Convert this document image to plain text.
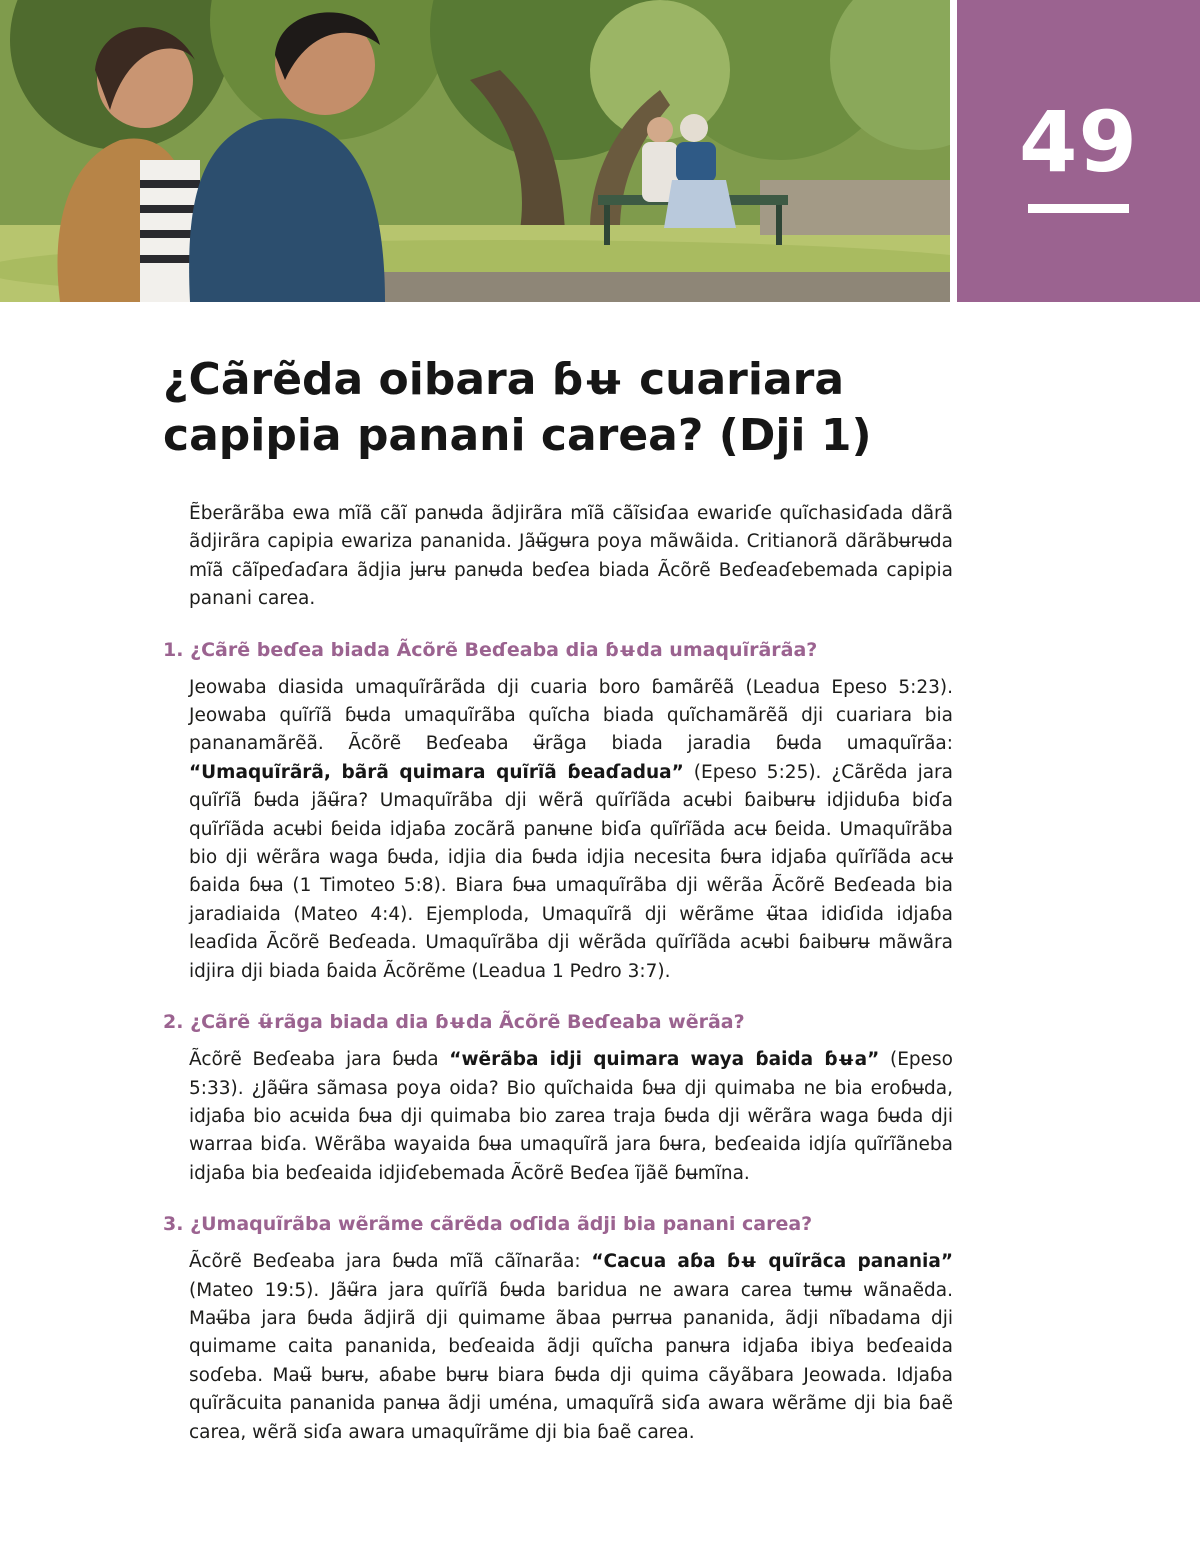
49
¿Cãrẽda oibara ɓʉ cuariara
capipia panani carea? (Dji 1)

Ẽberãrãba ewa mĩã cãĩ panʉda ãdjirãra mĩã cãĩsiɗaa ewariɗe quĩchasiɗada dãrã ãdjirãra capipia ewariza pananida. Jãʉ̃gʉra poya mãwãida. Critianorã dãrãbʉrʉda mĩã cãĩpeɗaɗara ãdjia jʉrʉ panʉda beɗea biada Ãcõrẽ Beɗeaɗebemada capipia panani carea.

1. ¿Cãrẽ beɗea biada Ãcõrẽ Beɗeaba dia ɓʉda umaquĩrãrãa?

Jeowaba diasida umaquĩrãrãda dji cuaria boro ɓamãrẽã (Leadua Epeso 5:23). Jeowaba quĩrĩã ɓʉda umaquĩrãba quĩcha biada quĩchamãrẽã dji cuariara bia pananamãrẽã. Ãcõrẽ Beɗeaba ʉ̃rãga biada jaradia ɓʉda umaquĩrãa: “Umaquĩrãrã, bãrã quimara quĩrĩã ɓeaɗadua” (Epeso 5:25). ¿Cãrẽda jara quĩrĩã ɓʉda jãʉ̃ra? Umaquĩrãba dji wẽrã quĩrĩãda acʉbi ɓaibʉrʉ idjiduɓa biɗa quĩrĩãda acʉbi ɓeida idjaɓa zocãrã panʉne biɗa quĩrĩãda acʉ ɓeida. Umaquĩrãba bio dji wẽrãra waga ɓʉda, idjia dia ɓʉda idjia necesita ɓʉra idjaɓa quĩrĩãda acʉ ɓaida ɓʉa (1 Timoteo 5:8). Biara ɓʉa umaquĩrãba dji wẽrãa Ãcõrẽ Beɗeada bia jaradiaida (Mateo 4:4). Ejemploda, Umaquĩrã dji wẽrãme ʉ̃taa idiɗida idjaɓa leaɗida Ãcõrẽ Beɗeada. Umaquĩrãba dji wẽrãda quĩrĩãda acʉbi ɓaibʉrʉ mãwãra idjira dji biada ɓaida Ãcõrẽme (Leadua 1 Pedro 3:7).

2. ¿Cãrẽ ʉ̃rãga biada dia ɓʉda Ãcõrẽ Beɗeaba wẽrãa?

Ãcõrẽ Beɗeaba jara ɓʉda “wẽrãba idji quimara waya ɓaida ɓʉa” (Epeso 5:33). ¿Jãʉ̃ra sãmasa poya oida? Bio quĩchaida ɓʉa dji quimaba ne bia eroɓʉda, idjaɓa bio acʉida ɓʉa dji quimaba bio zarea traja ɓʉda dji wẽrãra waga ɓʉda dji warraa biɗa. Wẽrãba wayaida ɓʉa umaquĩrã jara ɓʉra, beɗeaida idjía quĩrĩãneba idjaɓa bia beɗeaida idjiɗebemada Ãcõrẽ Beɗea ĩjãẽ ɓʉmĩna.

3. ¿Umaquĩrãba wẽrãme cãrẽda oɗida ãdji bia panani carea?

Ãcõrẽ Beɗeaba jara ɓʉda mĩã cãĩnarãa: “Cacua aɓa ɓʉ quĩrãca panania” (Mateo 19:5). Jãʉ̃ra jara quĩrĩã ɓʉda baridua ne awara carea tʉmʉ wãnaẽda. Maʉ̃ba jara ɓʉda ãdjirã dji quimame ãbaa pʉrrʉa pananida, ãdji nĩbadama dji quimame caita pananida, beɗeaida ãdji quĩcha panʉra idjaɓa ibiya beɗeaida soɗeba. Maʉ̃ bʉrʉ, aɓabe bʉrʉ biara ɓʉda dji quima cãyãbara Jeowada. Idjaɓa quĩrãcuita pananida panʉa ãdji uména, umaquĩrã siɗa awara wẽrãme dji bia ɓaẽ carea, wẽrã siɗa awara umaquĩrãme dji bia ɓaẽ carea.
